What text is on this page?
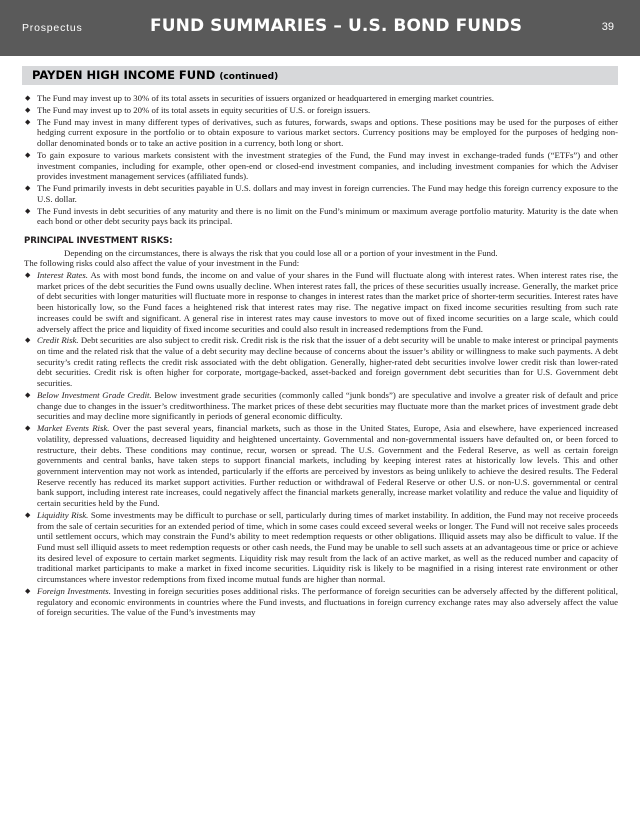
Prospectus	FUND SUMMARIES – U.S. BOND FUNDS	39
PAYDEN HIGH INCOME FUND (continued)
◆ The Fund may invest up to 30% of its total assets in securities of issuers organized or headquartered in emerging market countries.
◆ The Fund may invest up to 20% of its total assets in equity securities of U.S. or foreign issuers.
◆ The Fund may invest in many different types of derivatives, such as futures, forwards, swaps and options. These positions may be used for the purposes of either hedging current exposure in the portfolio or to obtain exposure to various market sectors. Currency positions may be employed for the purposes of hedging non-dollar denominated bonds or to take an active position in a currency, both long or short.
◆ To gain exposure to various markets consistent with the investment strategies of the Fund, the Fund may invest in exchange-traded funds (“ETFs”) and other investment companies, including for example, other open-end or closed-end investment companies, and including investment companies for which the Adviser provides investment management services (affiliated funds).
◆ The Fund primarily invests in debt securities payable in U.S. dollars and may invest in foreign currencies. The Fund may hedge this foreign currency exposure to the U.S. dollar.
◆ The Fund invests in debt securities of any maturity and there is no limit on the Fund’s minimum or maximum average portfolio maturity. Maturity is the date when each bond or other debt security pays back its principal.
PRINCIPAL INVESTMENT RISKS:

Depending on the circumstances, there is always the risk that you could lose all or a portion of your investment in the Fund.

The following risks could also affect the value of your investment in the Fund:

◆ Interest Rates. As with most bond funds, the income on and value of your shares in the Fund will fluctuate along with interest rates. When interest rates rise, the market prices of the debt securities the Fund owns usually decline. When interest rates fall, the prices of these securities usually increase. Generally, the market price of debt securities with longer maturities will fluctuate more in response to changes in interest rates than the market price of shorter-term securities. Interest rates have been historically low, so the Fund faces a heightened risk that interest rates may rise. The negative impact on fixed income securities resulting from such rate increases could be swift and significant. A general rise in interest rates may cause investors to move out of fixed income securities on a large scale, which could adversely affect the price and liquidity of fixed income securities and could also result in increased redemptions from the Fund.
◆ Credit Risk. Debt securities are also subject to credit risk. Credit risk is the risk that the issuer of a debt security will be unable to make interest or principal payments on time and the related risk that the value of a debt security may decline because of concerns about the issuer’s ability or willingness to make such payments. A debt security’s credit rating reflects the credit risk associated with the debt obligation. Generally, higher-rated debt securities involve lower credit risk than lower-rated debt securities. Credit risk is often higher for corporate, mortgage-backed, asset-backed and foreign government debt securities than for U.S. Government debt securities.
◆ Below Investment Grade Credit. Below investment grade securities (commonly called “junk bonds”) are speculative and involve a greater risk of default and price change due to changes in the issuer’s creditworthiness. The market prices of these debt securities may fluctuate more than the market prices of investment grade debt securities and may decline more significantly in periods of general economic difficulty.
◆ Market Events Risk. Over the past several years, financial markets, such as those in the United States, Europe, Asia and elsewhere, have experienced increased volatility, depressed valuations, decreased liquidity and heightened uncertainty. Governmental and non-governmental issuers have defaulted on, or been forced to restructure, their debts. These conditions may continue, recur, worsen or spread. The U.S. Government and the Federal Reserve, as well as certain foreign governments and central banks, have taken steps to support financial markets, including by keeping interest rates at historically low levels. This and other government intervention may not work as intended, particularly if the efforts are perceived by investors as being unlikely to achieve the desired results. The Federal Reserve recently has reduced its market support activities. Further reduction or withdrawal of Federal Reserve or other U.S. or non-U.S. governmental or central bank support, including interest rate increases, could negatively affect the financial markets generally, increase market volatility and reduce the value and liquidity of certain securities held by the Fund.
◆ Liquidity Risk. Some investments may be difficult to purchase or sell, particularly during times of market instability. In addition, the Fund may not receive proceeds from the sale of certain securities for an extended period of time, which in some cases could exceed several weeks or longer. The Fund will not receive sales proceeds until settlement occurs, which may constrain the Fund’s ability to meet redemption requests or other obligations. Illiquid assets may also be difficult to value. If the Fund must sell illiquid assets to meet redemption requests or other cash needs, the Fund may be unable to sell such assets at an advantageous time or price or achieve its desired level of exposure to certain market segments. Liquidity risk may result from the lack of an active market, as well as the reduced number and capacity of traditional market participants to make a market in fixed income securities. Liquidity risk is likely to be magnified in a rising interest rate environment or other circumstances where investor redemptions from fixed income mutual funds are higher than normal.
◆ Foreign Investments. Investing in foreign securities poses additional risks. The performance of foreign securities can be adversely affected by the different political, regulatory and economic environments in countries where the Fund invests, and fluctuations in foreign currency exchange rates may also adversely affect the value of foreign securities. The value of the Fund’s investments may
